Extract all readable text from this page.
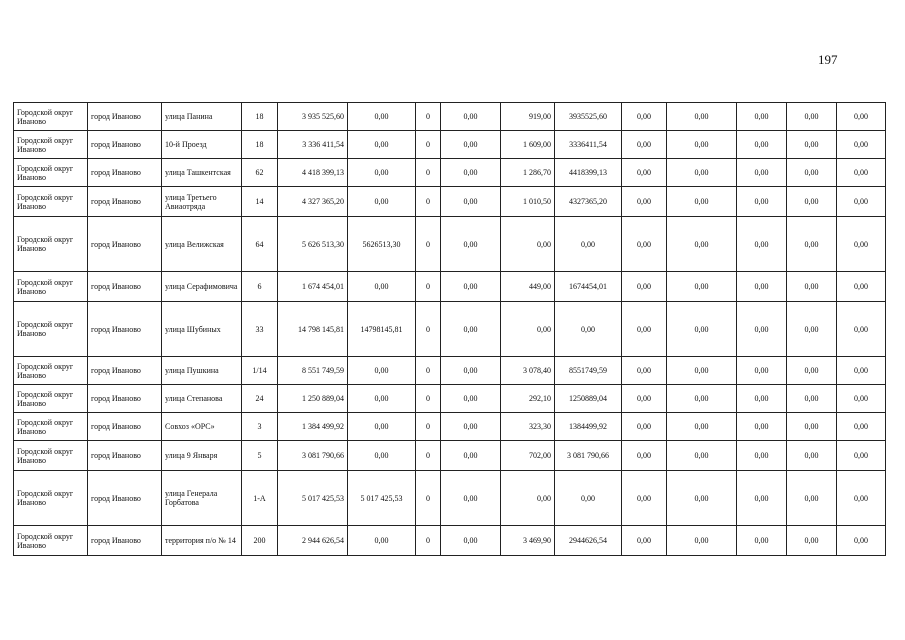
197
Городской округ Иваново	город Иваново	улица Панина	18	3 935 525,60	0,00	0	0,00	919,00	3935525,60	0,00	0,00	0,00	0,00	0,00
Городской округ Иваново	город Иваново	10-й Проезд	18	3 336 411,54	0,00	0	0,00	1 609,00	3336411,54	0,00	0,00	0,00	0,00	0,00
Городской округ Иваново	город Иваново	улица Ташкентская	62	4 418 399,13	0,00	0	0,00	1 286,70	4418399,13	0,00	0,00	0,00	0,00	0,00
Городской округ Иваново	город Иваново	улица Третьего Авиаотряда	14	4 327 365,20	0,00	0	0,00	1 010,50	4327365,20	0,00	0,00	0,00	0,00	0,00
Городской округ Иваново	город Иваново	улица Велижская	64	5 626 513,30	5626513,30	0	0,00	0,00	0,00	0,00	0,00	0,00	0,00	0,00
Городской округ Иваново	город Иваново	улица Серафимовича	6	1 674 454,01	0,00	0	0,00	449,00	1674454,01	0,00	0,00	0,00	0,00	0,00
Городской округ Иваново	город Иваново	улица Шубиных	33	14 798 145,81	14798145,81	0	0,00	0,00	0,00	0,00	0,00	0,00	0,00	0,00
Городской округ Иваново	город Иваново	улица Пушкина	1/14	8 551 749,59	0,00	0	0,00	3 078,40	8551749,59	0,00	0,00	0,00	0,00	0,00
Городской округ Иваново	город Иваново	улица Степанова	24	1 250 889,04	0,00	0	0,00	292,10	1250889,04	0,00	0,00	0,00	0,00	0,00
Городской округ Иваново	город Иваново	Совхоз «ОРС»	3	1 384 499,92	0,00	0	0,00	323,30	1384499,92	0,00	0,00	0,00	0,00	0,00
Городской округ Иваново	город Иваново	улица 9 Января	5	3 081 790,66	0,00	0	0,00	702,00	3 081 790,66	0,00	0,00	0,00	0,00	0,00
Городской округ Иваново	город Иваново	улица Генерала Горбатова	1-А	5 017 425,53	5 017 425,53	0	0,00	0,00	0,00	0,00	0,00	0,00	0,00	0,00
Городской округ Иваново	город Иваново	территория п/о № 14	200	2 944 626,54	0,00	0	0,00	3 469,90	2944626,54	0,00	0,00	0,00	0,00	0,00
